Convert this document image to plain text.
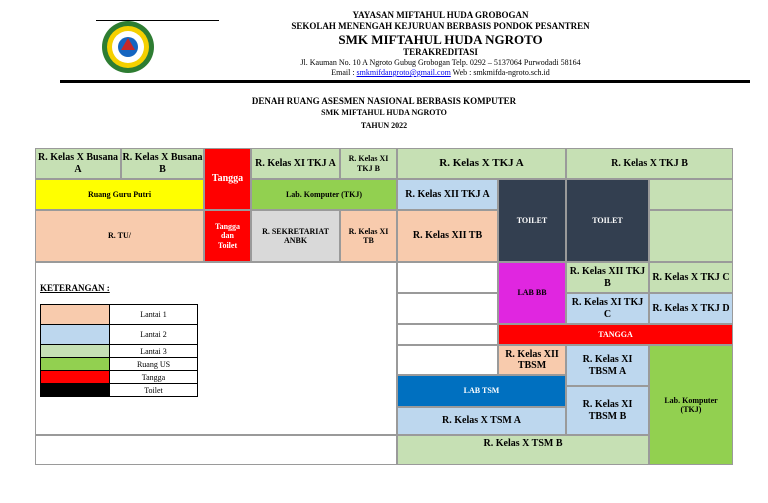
YAYASAN MIFTAHUL HUDA GROBOGAN
SEKOLAH MENENGAH KEJURUAN BERBASIS PONDOK PESANTREN
SMK MIFTAHUL HUDA NGROTO
TERAKREDITASI
Jl. Kauman No. 10 A Ngroto Gubug Grobogan Telp. 0292 – 5137064 Purwodadi 58164
Email : smkmifdangroto@gmail.com Web : smkmifda-ngroto.sch.id
DENAH RUANG ASESMEN NASIONAL BERBASIS KOMPUTER
SMK MIFTAHUL HUDA NGROTO
TAHUN 2022
R. Kelas X Busana A
R. Kelas X Busana B
Tangga
R. Kelas XI TKJ A	R. Kelas XI TKJ B	R. Kelas X TKJ A	R. Kelas X TKJ B
Ruang Guru Putri	Lab. Komputer (TKJ)	R. Kelas XII TKJ A
TOILET	TOILET
R. TU/
Tangga dan Toilet
R. SEKRETARIAT ANBK
R. Kelas XI TB	R. Kelas XII TB
LAB BB
R. Kelas XII TKJ B
R. Kelas X TKJ C
R. Kelas XI TKJ C
R. Kelas X TKJ D
TANGGA
R. Kelas XII TBSM
R. Kelas XI TBSM A
Lab. Komputer (TKJ)
LAB TSM
R. Kelas XI TBSM B
R. Kelas X TSM A
R. Kelas X TSM B
KETERANGAN :
Lantai 1
Lantai 2
Lantai 3
Ruang US
Tangga
Toilet
